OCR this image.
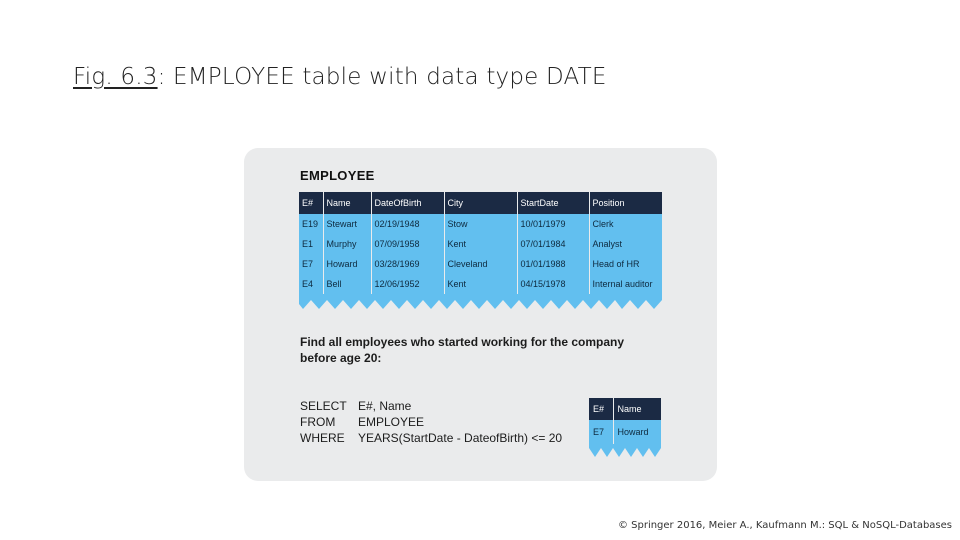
Fig. 6.3: EMPLOYEE table with data type DATE
EMPLOYEE
E#	Name	DateOfBirth	City	StartDate	Position
E19	Stewart	02/19/1948	Stow	10/01/1979	Clerk
E1	Murphy	07/09/1958	Kent	07/01/1984	Analyst
E7	Howard	03/28/1969	Cleveland	01/01/1988	Head of HR
E4	Bell	12/06/1952	Kent	04/15/1978	Internal auditor
Find all employees who started working for the company before age 20:
SELECT E#, Name
FROM EMPLOYEE
WHERE YEARS(StartDate - DateofBirth) <= 20
E#	Name
E7	Howard
© Springer 2016, Meier A., Kaufmann M.: SQL & NoSQL-Databases
